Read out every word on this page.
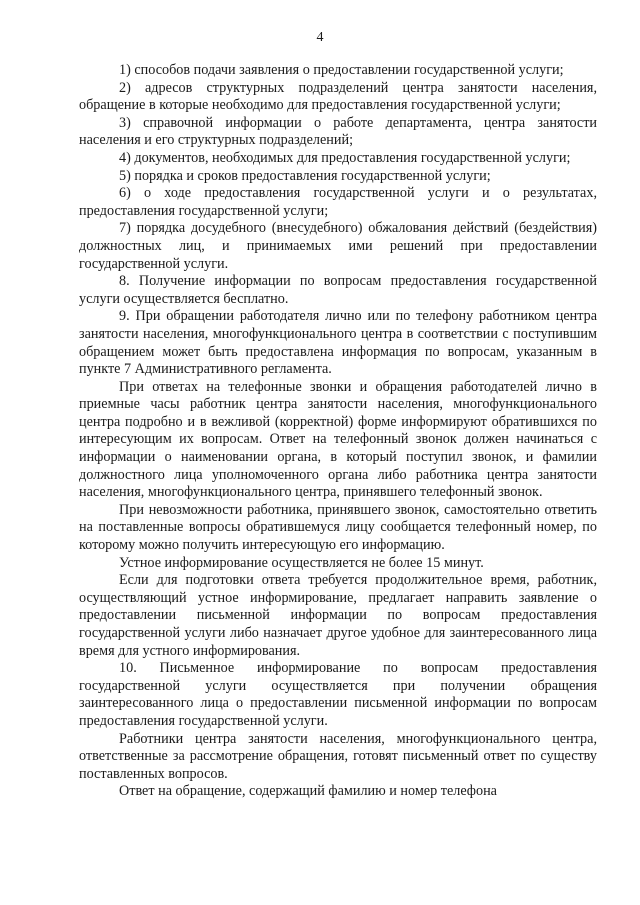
4

1) способов подачи заявления о предоставлении государственной услуги;

2) адресов структурных подразделений центра занятости населения, обращение в которые необходимо для предоставления государственной услуги;

3) справочной информации о работе департамента, центра занятости населения и его структурных подразделений;

4) документов, необходимых для предоставления государственной услуги;

5) порядка и сроков предоставления государственной услуги;

6) о ходе предоставления государственной услуги и о результатах, предоставления государственной услуги;

7) порядка досудебного (внесудебного) обжалования действий (бездействия) должностных лиц, и принимаемых ими решений при предоставлении государственной услуги.

8. Получение информации по вопросам предоставления государственной услуги осуществляется бесплатно.

9. При обращении работодателя лично или по телефону работником центра занятости населения, многофункционального центра в соответствии с поступившим обращением может быть предоставлена информация по вопросам, указанным в пункте 7 Административного регламента.

При ответах на телефонные звонки и обращения работодателей лично в приемные часы работник центра занятости населения, многофункционального центра подробно и в вежливой (корректной) форме информируют обратившихся по интересующим их вопросам. Ответ на телефонный звонок должен начинаться с информации о наименовании органа, в который поступил звонок, и фамилии должностного лица уполномоченного органа либо работника центра занятости населения, многофункционального центра, принявшего телефонный звонок.

При невозможности работника, принявшего звонок, самостоятельно ответить на поставленные вопросы обратившемуся лицу сообщается телефонный номер, по которому можно получить интересующую его информацию.

Устное информирование осуществляется не более 15 минут.

Если для подготовки ответа требуется продолжительное время, работник, осуществляющий устное информирование, предлагает направить заявление о предоставлении письменной информации по вопросам предоставления государственной услуги либо назначает другое удобное для заинтересованного лица время для устного информирования.

10. Письменное информирование по вопросам предоставления государственной услуги осуществляется при получении обращения заинтересованного лица о предоставлении письменной информации по вопросам предоставления государственной услуги.

Работники центра занятости населения, многофункционального центра, ответственные за рассмотрение обращения, готовят письменный ответ по существу поставленных вопросов.

Ответ на обращение, содержащий фамилию и номер телефона
